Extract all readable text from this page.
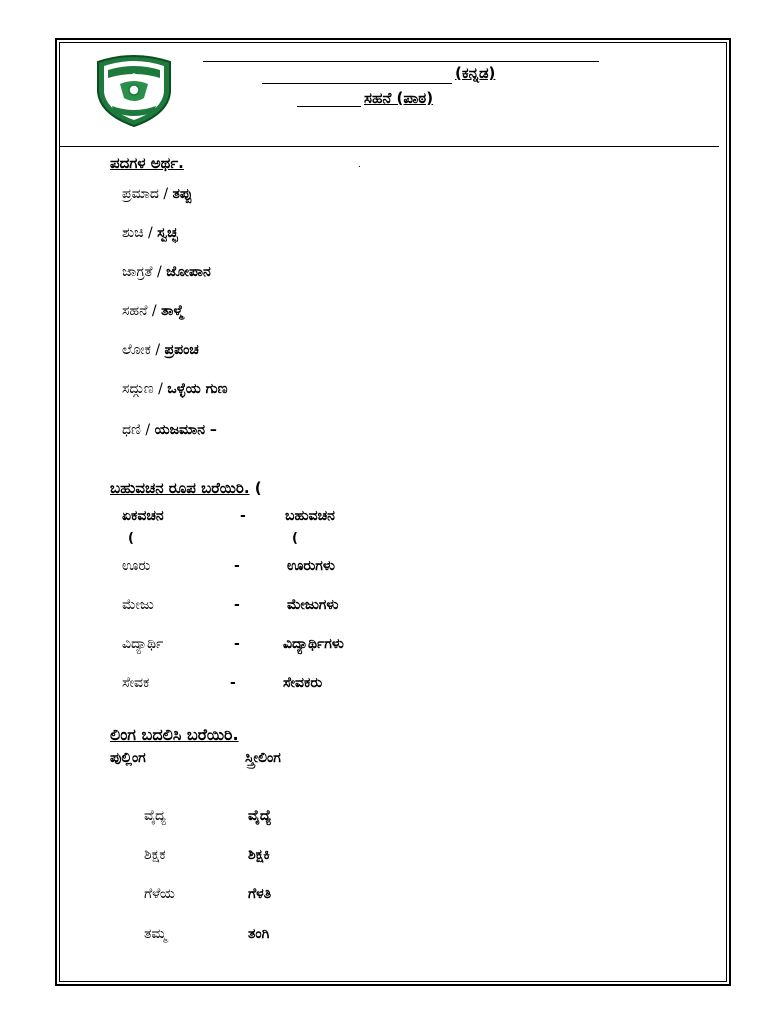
(ಕನ್ನಡ)
ಸಹನೆ (ಪಾಠ)
ಪದಗಳ ಅರ್ಥ.	.
ಪ್ರಮಾದ / ತಪ್ಪು
ಶುಚಿ / ಸ್ವಚ್ಛ
ಜಾಗ್ರತೆ / ಜೋಪಾನ
ಸಹನೆ / ತಾಳ್ಮೆ
ಲೋಕ / ಪ್ರಪಂಚ
ಸದ್ಗುಣ / ಒಳ್ಳೆಯ ಗುಣ
ಧಣಿ / ಯಜಮಾನ –
ಬಹುವಚನ ರೂಪ ಬರೆಯಿರಿ. (
ಏಕವಚನ	-	ಬಹುವಚನ
(	(
ಊರು	-	ಊರುಗಳು
ಮೇಜು	-	ಮೇಜುಗಳು
ವಿದ್ಯಾರ್ಥಿ	-	ವಿದ್ಯಾರ್ಥಿಗಳು
ಸೇವಕ	-	ಸೇವಕರು
ಲಿಂಗ ಬದಲಿಸಿ ಬರೆಯಿರಿ.
ಪುಲ್ಲಿಂಗ	ಸ್ತ್ರೀಲಿಂಗ
ವೈದ್ಯ	ವೈದ್ಯೆ
ಶಿಕ್ಷಕ	ಶಿಕ್ಷಕಿ
ಗೆಳೆಯ	ಗೆಳತಿ
ತಮ್ಮ	ತಂಗಿ
